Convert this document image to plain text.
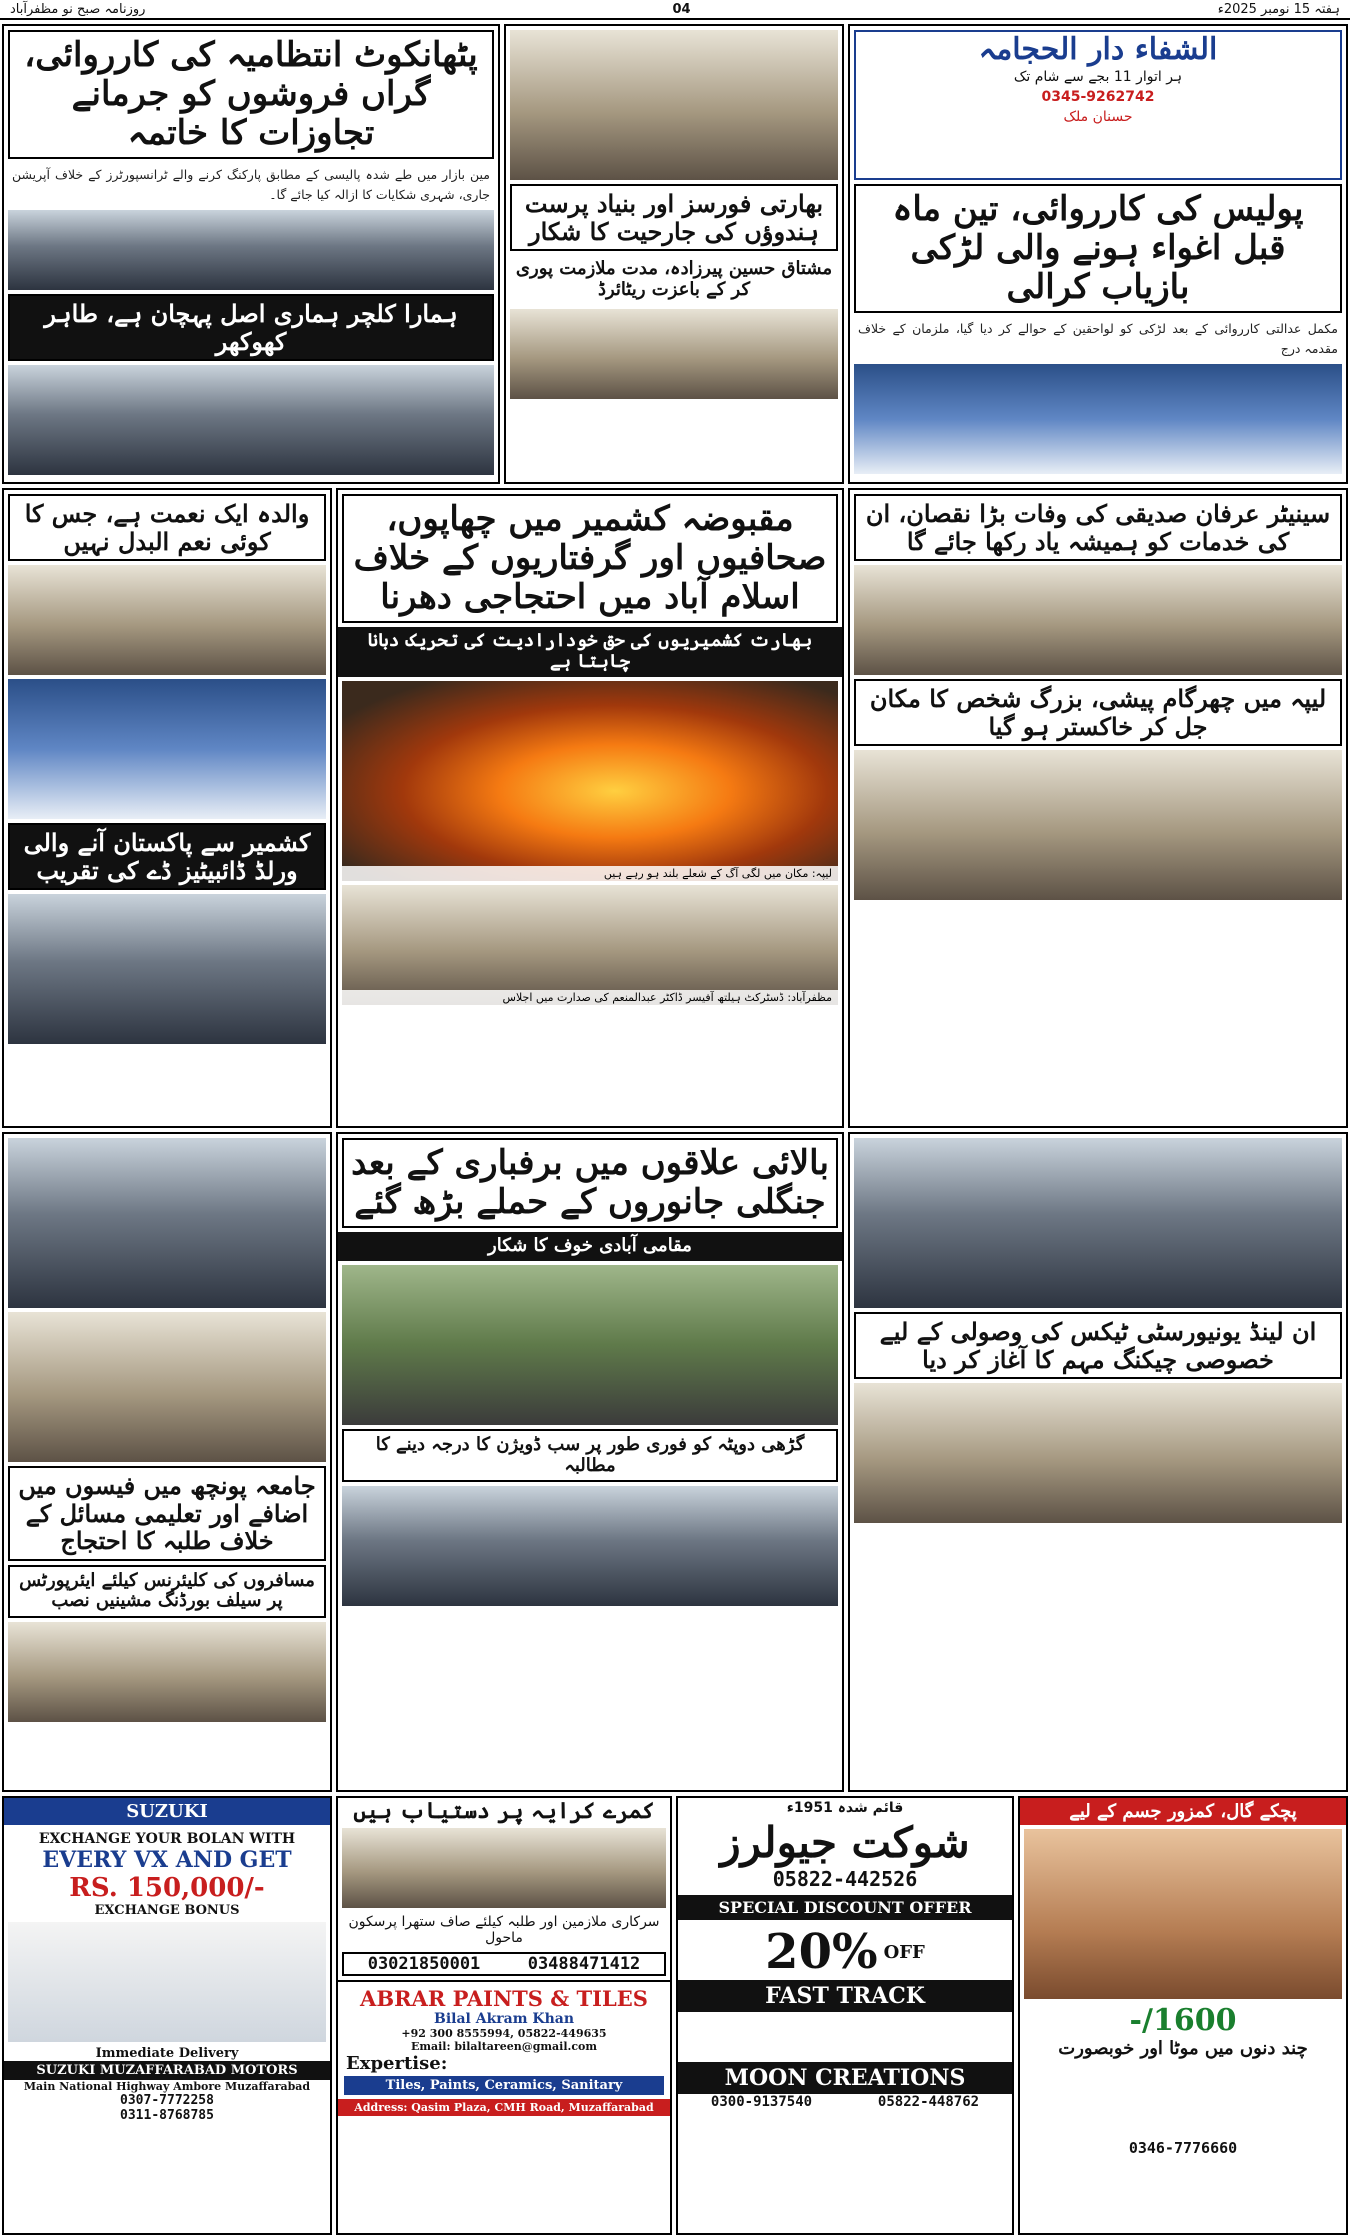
روزنامہ صبح نو مظفرآباد	04	ہفتہ 15 نومبر 2025ء
پٹھانکوٹ انتظامیہ کی کارروائی، گراں فروشوں کو جرمانے تجاوزات کا خاتمہ
مین بازار میں طے شدہ پالیسی کے مطابق پارکنگ کرنے والے ٹرانسپورٹرز کے خلاف آپریشن جاری، شہری شکایات کا ازالہ کیا جائے گا۔
ہمارا کلچر ہماری اصل پہچان ہے، طاہر کھوکھر
بھارتی فورسز اور بنیاد پرست ہندوؤں کی جارحیت کا شکار
مشتاق حسین پیرزادہ، مدت ملازمت پوری کر کے باعزت ریٹائرڈ
الشفاء دار الحجامہ
ہر اتوار 11 بجے سے شام تک
0345-9262742
حسنان ملک
پولیس کی کارروائی، تین ماہ قبل اغواء ہونے والی لڑکی بازیاب کرالی
مکمل عدالتی کارروائی کے بعد لڑکی کو لواحقین کے حوالے کر دیا گیا، ملزمان کے خلاف مقدمہ درج
والدہ ایک نعمت ہے، جس کا کوئی نعم البدل نہیں
کشمیر سے پاکستان آنے والی ورلڈ ڈائبیٹیز ڈے کی تقریب
مقبوضہ کشمیر میں چھاپوں، صحافیوں اور گرفتاریوں کے خلاف اسلام آباد میں احتجاجی دھرنا
بھارت کشمیریوں کی حق خودارادیت کی تحریک دبانا چاہتا ہے
لیپہ: مکان میں لگی آگ کے شعلے بلند ہو رہے ہیں
مظفرآباد: ڈسٹرکٹ ہیلتھ آفیسر ڈاکٹر عبدالمنعم کی صدارت میں اجلاس
سینیٹر عرفان صدیقی کی وفات بڑا نقصان، ان کی خدمات کو ہمیشہ یاد رکھا جائے گا
لیپہ میں چھرگام پیشی، بزرگ شخص کا مکان جل کر خاکستر ہو گیا
جامعہ پونچھ میں فیسوں میں اضافے اور تعلیمی مسائل کے خلاف طلبہ کا احتجاج
مسافروں کی کلیئرنس کیلئے ایئرپورٹس پر سیلف بورڈنگ مشینیں نصب
بالائی علاقوں میں برفباری کے بعد جنگلی جانوروں کے حملے بڑھ گئے
مقامی آبادی خوف کا شکار
گڑھی دوپٹہ کو فوری طور پر سب ڈویژن کا درجہ دینے کا مطالبہ
ان لینڈ یونیورسٹی ٹیکس کی وصولی کے لیے خصوصی چیکنگ مہم کا آغاز کر دیا
SUZUKI
EXCHANGE YOUR BOLAN WITH
EVERY VX AND GET
RS. 150,000/-
EXCHANGE BONUS
Immediate Delivery
SUZUKI MUZAFFARABAD MOTORS
Main National Highway Ambore Muzaffarabad
0307-7772258
0311-8768785
کمرے کرایہ پر دستیاب ہیں
سرکاری ملازمین اور طلبہ کیلئے صاف ستھرا پرسکون ماحول
03021850001	03488471412
ABRAR PAINTS & TILES
Bilal Akram Khan
+92 300 8555994, 05822-449635
Email: bilaltareen@gmail.com
Expertise:
Tiles, Paints, Ceramics, Sanitary
Address: Qasim Plaza, CMH Road, Muzaffarabad
قائم شدہ 1951ء
شوکت جیولرز
05822-442526
SPECIAL DISCOUNT OFFER
20% OFF
FAST TRACK
MOON CREATIONS
0300-9137540	05822-448762
پچکے گال، کمزور جسم کے لیے
-/1600
چند دنوں میں موٹا اور خوبصورت
0346-7776660
